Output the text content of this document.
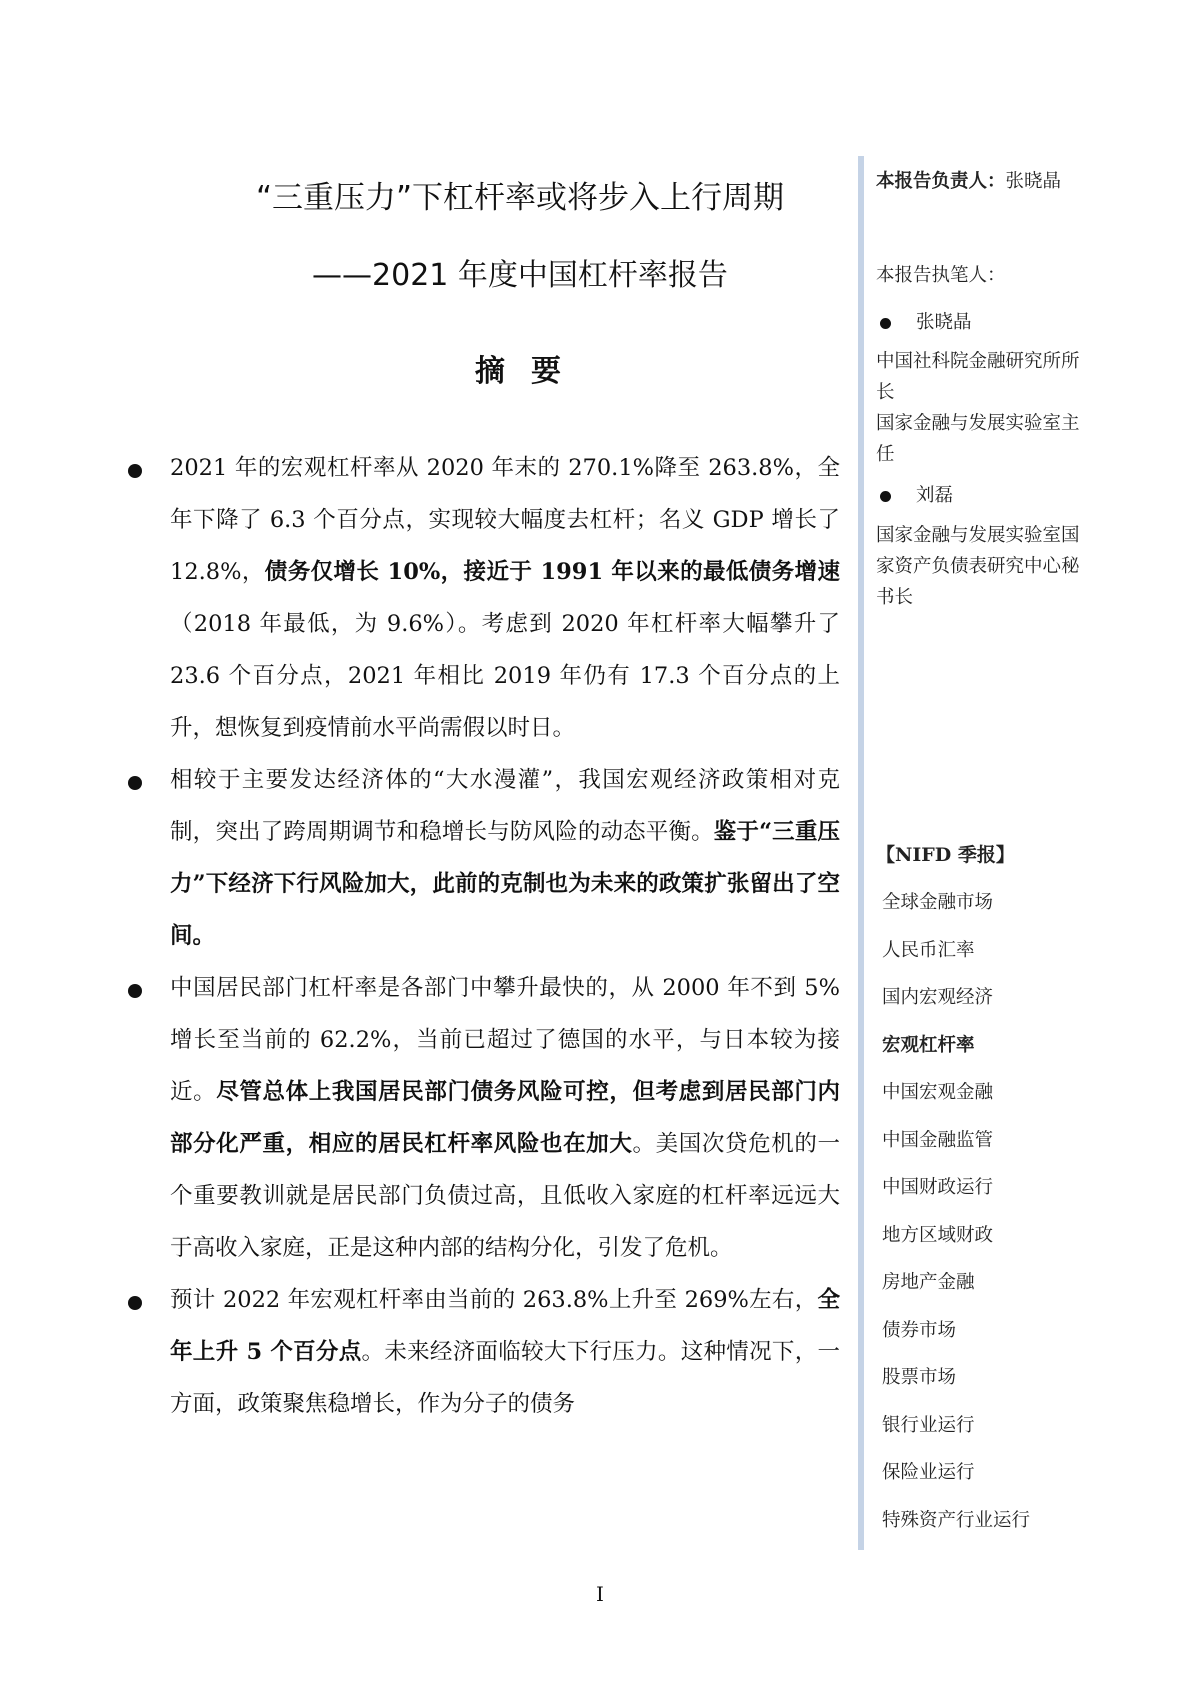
“三重压力”下杠杆率或将步入上行周期
——2021 年度中国杠杆率报告
摘要
2021 年的宏观杠杆率从 2020 年末的 270.1%降至 263.8%，全年下降了 6.3 个百分点，实现较大幅度去杠杆；名义 GDP 增长了 12.8%，债务仅增长 10%，接近于 1991 年以来的最低债务增速（2018 年最低，为 9.6%）。考虑到 2020 年杠杆率大幅攀升了 23.6 个百分点，2021 年相比 2019 年仍有 17.3 个百分点的上升，想恢复到疫情前水平尚需假以时日。
相较于主要发达经济体的“大水漫灌”，我国宏观经济政策相对克制，突出了跨周期调节和稳增长与防风险的动态平衡。鉴于“三重压力”下经济下行风险加大，此前的克制也为未来的政策扩张留出了空间。
中国居民部门杠杆率是各部门中攀升最快的，从 2000 年不到 5%增长至当前的 62.2%，当前已超过了德国的水平，与日本较为接近。尽管总体上我国居民部门债务风险可控，但考虑到居民部门内部分化严重，相应的居民杠杆率风险也在加大。美国次贷危机的一个重要教训就是居民部门负债过高，且低收入家庭的杠杆率远远大于高收入家庭，正是这种内部的结构分化，引发了危机。
预计 2022 年宏观杠杆率由当前的 263.8%上升至 269%左右，全年上升 5 个百分点。未来经济面临较大下行压力。这种情况下，一方面，政策聚焦稳增长，作为分子的债务
本报告负责人：张晓晶
本报告执笔人：
张晓晶
中国社科院金融研究所所长
国家金融与发展实验室主任
刘磊
国家金融与发展实验室国家资产负债表研究中心秘书长
【NIFD 季报】
全球金融市场
人民币汇率
国内宏观经济
宏观杠杆率
中国宏观金融
中国金融监管
中国财政运行
地方区域财政
房地产金融
债券市场
股票市场
银行业运行
保险业运行
特殊资产行业运行
I
